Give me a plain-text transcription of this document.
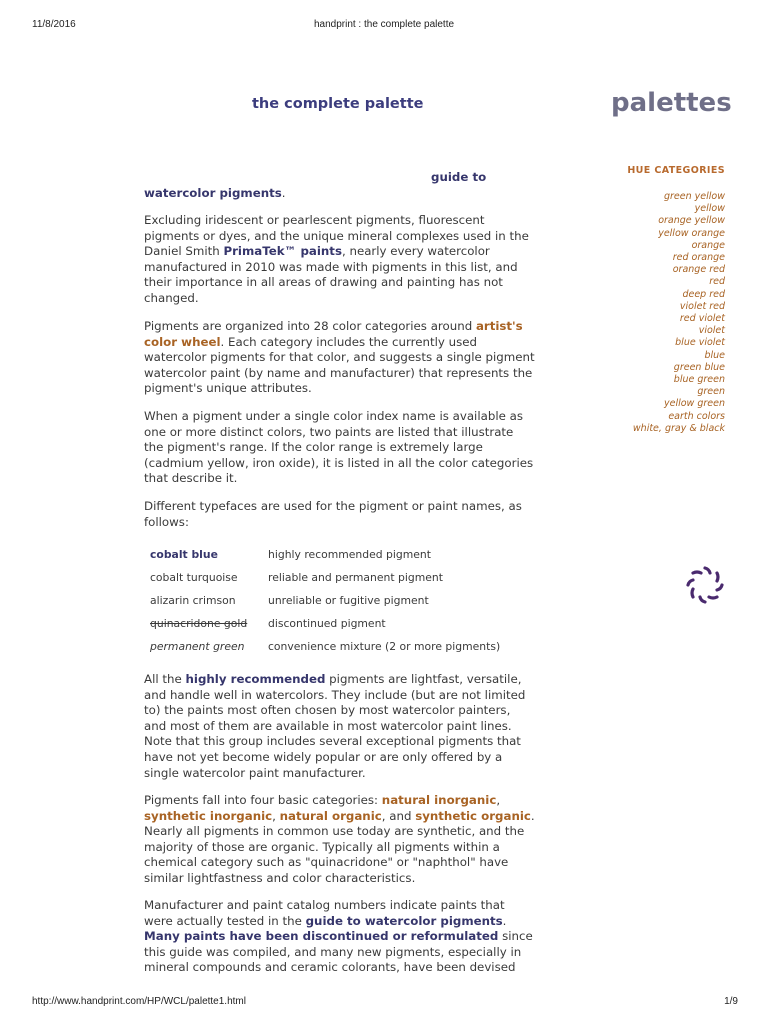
11/8/2016	handprint : the complete palette
http://www.handprint.com/HP/WCL/palette1.html	1/9
the complete palette	palettes
HUE CATEGORIES
green yellow
yellow
orange yellow
yellow orange
orange
red orange
orange red
red
deep red
violet red
red violet
violet
blue violet
blue
green blue
blue green
green
yellow green
earth colors
white, gray & black
guide to
watercolor pigments.

Excluding iridescent or pearlescent pigments, fluorescent pigments or dyes, and the unique mineral complexes used in the Daniel Smith PrimaTek™ paints, nearly every watercolor manufactured in 2010 was made with pigments in this list, and their importance in all areas of drawing and painting has not changed.

Pigments are organized into 28 color categories around artist's color wheel. Each category includes the currently used watercolor pigments for that color, and suggests a single pigment watercolor paint (by name and manufacturer) that represents the pigment's unique attributes.

When a pigment under a single color index name is available as one or more distinct colors, two paints are listed that illustrate the pigment's range. If the color range is extremely large (cadmium yellow, iron oxide), it is listed in all the color categories that describe it.

Different typefaces are used for the pigment or paint names, as follows:

cobalt blue	highly recommended pigment
cobalt turquoise	reliable and permanent pigment
alizarin crimson	unreliable or fugitive pigment
quinacridone gold	discontinued pigment
permanent green	convenience mixture (2 or more pigments)

All the highly recommended pigments are lightfast, versatile, and handle well in watercolors. They include (but are not limited to) the paints most often chosen by most watercolor painters, and most of them are available in most watercolor paint lines. Note that this group includes several exceptional pigments that have not yet become widely popular or are only offered by a single watercolor paint manufacturer.

Pigments fall into four basic categories: natural inorganic, synthetic inorganic, natural organic, and synthetic organic. Nearly all pigments in common use today are synthetic, and the majority of those are organic. Typically all pigments within a chemical category such as "quinacridone" or "naphthol" have similar lightfastness and color characteristics.

Manufacturer and paint catalog numbers indicate paints that were actually tested in the guide to watercolor pigments. Many paints have been discontinued or reformulated since this guide was compiled, and many new pigments, especially in mineral compounds and ceramic colorants, have been devised
